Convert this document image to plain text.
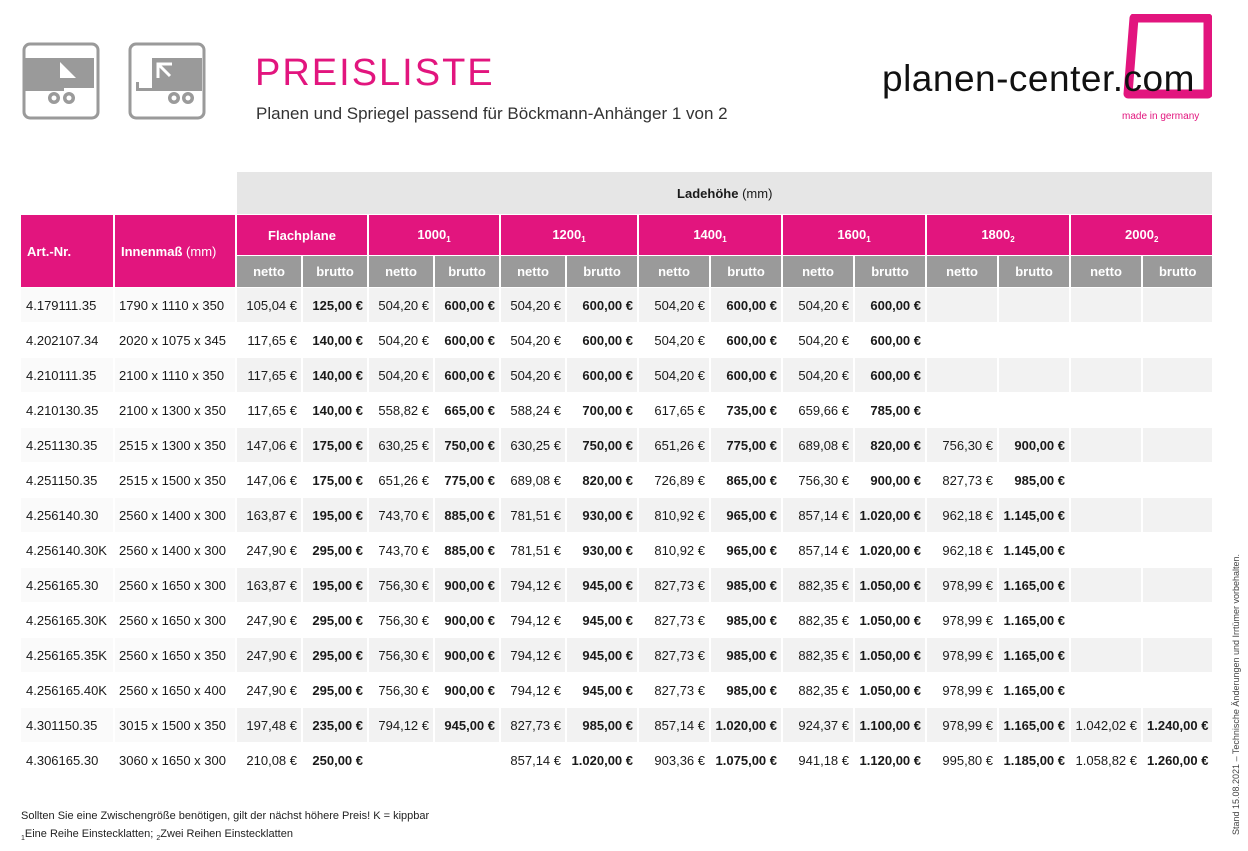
PREISLISTE
Planen und Spriegel passend für Böckmann-Anhänger 1 von 2
planen-center.com
made in germany
		Ladehöhe (mm)													
Art.-Nr.	Innenmaß (mm)	Flachplane		$1000_1$		$1200_1$		$1400_1$		$1600_1$		$1800_2$		$2000_2$
		netto	brutto	netto	brutto	netto	brutto	netto	brutto	netto	brutto	netto	brutto	netto	brutto
4.179111.35	1790 x 1110 x 350	105,04 €	125,00 €	504,20 €	600,00 €	504,20 €	600,00 €	504,20 €	600,00 €	504,20 €	600,00 €				
4.202107.34	2020 x 1075 x 345	117,65 €	140,00 €	504,20 €	600,00 €	504,20 €	600,00 €	504,20 €	600,00 €	504,20 €	600,00 €				
4.210111.35	2100 x 1110 x 350	117,65 €	140,00 €	504,20 €	600,00 €	504,20 €	600,00 €	504,20 €	600,00 €	504,20 €	600,00 €				
4.210130.35	2100 x 1300 x 350	117,65 €	140,00 €	558,82 €	665,00 €	588,24 €	700,00 €	617,65 €	735,00 €	659,66 €	785,00 €				
4.251130.35	2515 x 1300 x 350	147,06 €	175,00 €	630,25 €	750,00 €	630,25 €	750,00 €	651,26 €	775,00 €	689,08 €	820,00 €	756,30 €	900,00 €		
4.251150.35	2515 x 1500 x 350	147,06 €	175,00 €	651,26 €	775,00 €	689,08 €	820,00 €	726,89 €	865,00 €	756,30 €	900,00 €	827,73 €	985,00 €		
4.256140.30	2560 x 1400 x 300	163,87 €	195,00 €	743,70 €	885,00 €	781,51 €	930,00 €	810,92 €	965,00 €	857,14 €	1.020,00 €	962,18 €	1.145,00 €		
4.256140.30K	2560 x 1400 x 300	247,90 €	295,00 €	743,70 €	885,00 €	781,51 €	930,00 €	810,92 €	965,00 €	857,14 €	1.020,00 €	962,18 €	1.145,00 €		
4.256165.30	2560 x 1650 x 300	163,87 €	195,00 €	756,30 €	900,00 €	794,12 €	945,00 €	827,73 €	985,00 €	882,35 €	1.050,00 €	978,99 €	1.165,00 €		
4.256165.30K	2560 x 1650 x 300	247,90 €	295,00 €	756,30 €	900,00 €	794,12 €	945,00 €	827,73 €	985,00 €	882,35 €	1.050,00 €	978,99 €	1.165,00 €		
4.256165.35K	2560 x 1650 x 350	247,90 €	295,00 €	756,30 €	900,00 €	794,12 €	945,00 €	827,73 €	985,00 €	882,35 €	1.050,00 €	978,99 €	1.165,00 €		
4.256165.40K	2560 x 1650 x 400	247,90 €	295,00 €	756,30 €	900,00 €	794,12 €	945,00 €	827,73 €	985,00 €	882,35 €	1.050,00 €	978,99 €	1.165,00 €		
4.301150.35	3015 x 1500 x 350	197,48 €	235,00 €	794,12 €	945,00 €	827,73 €	985,00 €	857,14 €	1.020,00 €	924,37 €	1.100,00 €	978,99 €	1.165,00 €	1.042,02 €	1.240,00 €
4.306165.30	3060 x 1650 x 300	210,08 €	250,00 €			857,14 €	1.020,00 €	903,36 €	1.075,00 €	941,18 €	1.120,00 €	995,80 €	1.185,00 €	1.058,82 €	1.260,00 €
Sollten Sie eine Zwischengröße benötigen, gilt der nächst höhere Preis! K = kippbar
$_1$Eine Reihe Einstecklatten; $_2$Zwei Reihen Einstecklatten	Stand 15.08.2021 – Technische Änderungen und Irrtümer vorbehalten.
